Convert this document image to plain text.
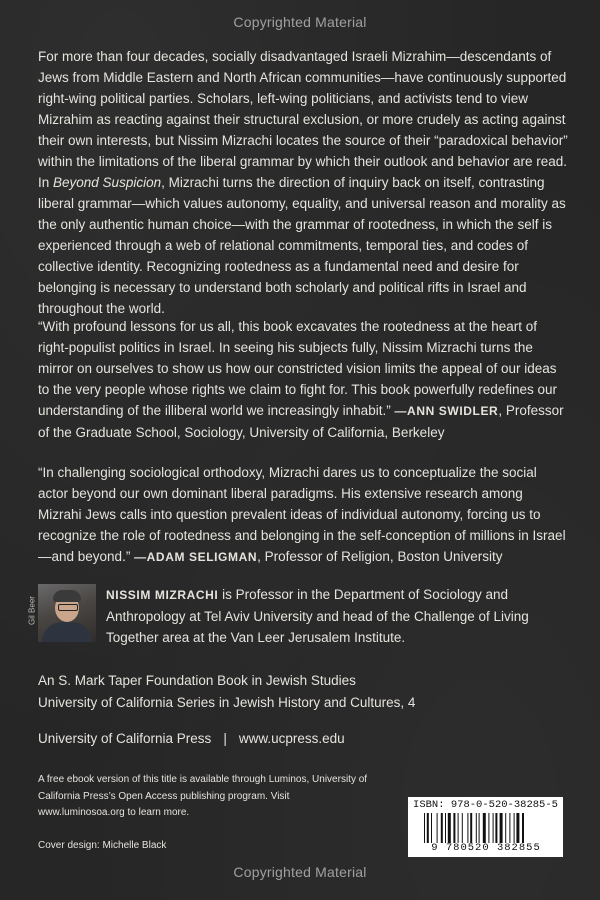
Copyrighted Material

For more than four decades, socially disadvantaged Israeli Mizrahim—descendants of Jews from Middle Eastern and North African communities—have continuously supported right-wing political parties. Scholars, left-wing politicians, and activists tend to view Mizrahim as reacting against their structural exclusion, or more crudely as acting against their own interests, but Nissim Mizrachi locates the source of their “paradoxical behavior” within the limitations of the liberal grammar by which their outlook and behavior are read. In Beyond Suspicion, Mizrachi turns the direction of inquiry back on itself, contrasting liberal grammar—which values autonomy, equality, and universal reason and morality as the only authentic human choice—with the grammar of rootedness, in which the self is experienced through a web of relational commitments, temporal ties, and codes of collective identity. Recognizing rootedness as a fundamental need and desire for belonging is necessary to understand both scholarly and political rifts in Israel and throughout the world.

“With profound lessons for us all, this book excavates the rootedness at the heart of right-populist politics in Israel. In seeing his subjects fully, Nissim Mizrachi turns the mirror on ourselves to show us how our constricted vision limits the appeal of our ideas to the very people whose rights we claim to fight for. This book powerfully redefines our understanding of the illiberal world we increasingly inhabit.” —ANN SWIDLER, Professor of the Graduate School, Sociology, University of California, Berkeley

“In challenging sociological orthodoxy, Mizrachi dares us to conceptualize the social actor beyond our own dominant liberal paradigms. His extensive research among Mizrahi Jews calls into question prevalent ideas of individual autonomy, forcing us to recognize the role of rootedness and belonging in the self-conception of millions in Israel—and beyond.” —ADAM SELIGMAN, Professor of Religion, Boston University

Gil Beer

NISSIM MIZRACHI is Professor in the Department of Sociology and Anthropology at Tel Aviv University and head of the Challenge of Living Together area at the Van Leer Jerusalem Institute.

An S. Mark Taper Foundation Book in Jewish Studies
University of California Series in Jewish History and Cultures, 4

University of California Press | www.ucpress.edu

A free ebook version of this title is available through Luminos, University of California Press’s Open Access publishing program. Visit www.luminosoa.org to learn more.

Cover design: Michelle Black

ISBN: 978-0-520-38285-5
9 780520 382855
Copyrighted Material
